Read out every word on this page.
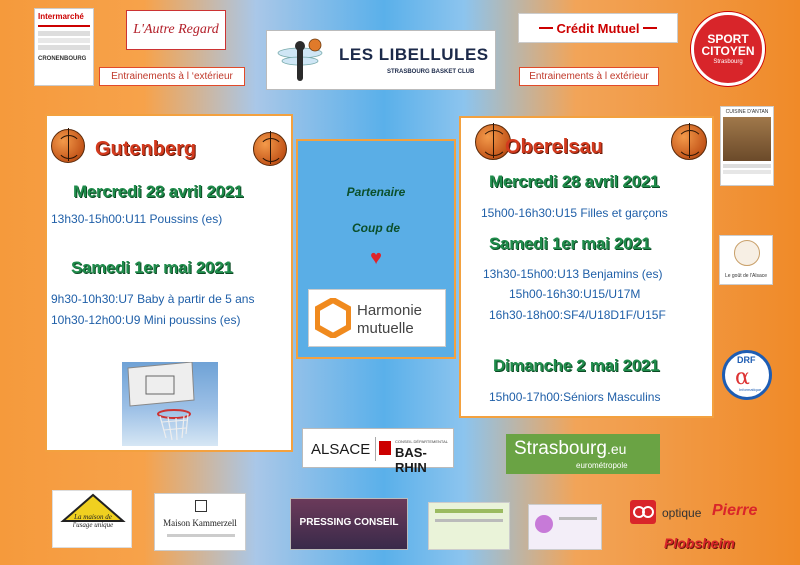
Intermarché
CRONENBOURG
L'Autre Regard
Entrainements à l ‘extérieur
LES LIBELLULES
STRASBOURG BASKET CLUB
Crédit Mutuel
Entrainements à l extérieur
SPORT CITOYEN
Strasbourg
Gutenberg
Mercredi 28 avril 2021
13h30-15h00:U11 Poussins (es)
Samedi 1er mai 2021
9h30-10h30:U7 Baby à partir de 5 ans
10h30-12h00:U9 Mini poussins (es)
Partenaire
Coup de
♥
Harmonie
mutuelle
ALSACE	CONSEIL DÉPARTEMENTAL
BAS-RHIN
Oberelsau
Mercredi 28 avril 2021
15h00-16h30:U15 Filles et garçons
Samedi 1er mai 2021
13h30-15h00:U13 Benjamins (es)
15h00-16h30:U15/U17M
16h30-18h00:SF4/U18D1F/U15F
Dimanche 2 mai 2021
15h00-17h00:Séniors Masculins
Strasbourg.eu
eurométropole
CUISINE D'ANTAN
Le goût de l'Alsace
DRF
α
Informatique
La maison de l'usage unique	Maison Kammerzell	PRESSING CONSEIL
optique Pierre
Plobsheim
